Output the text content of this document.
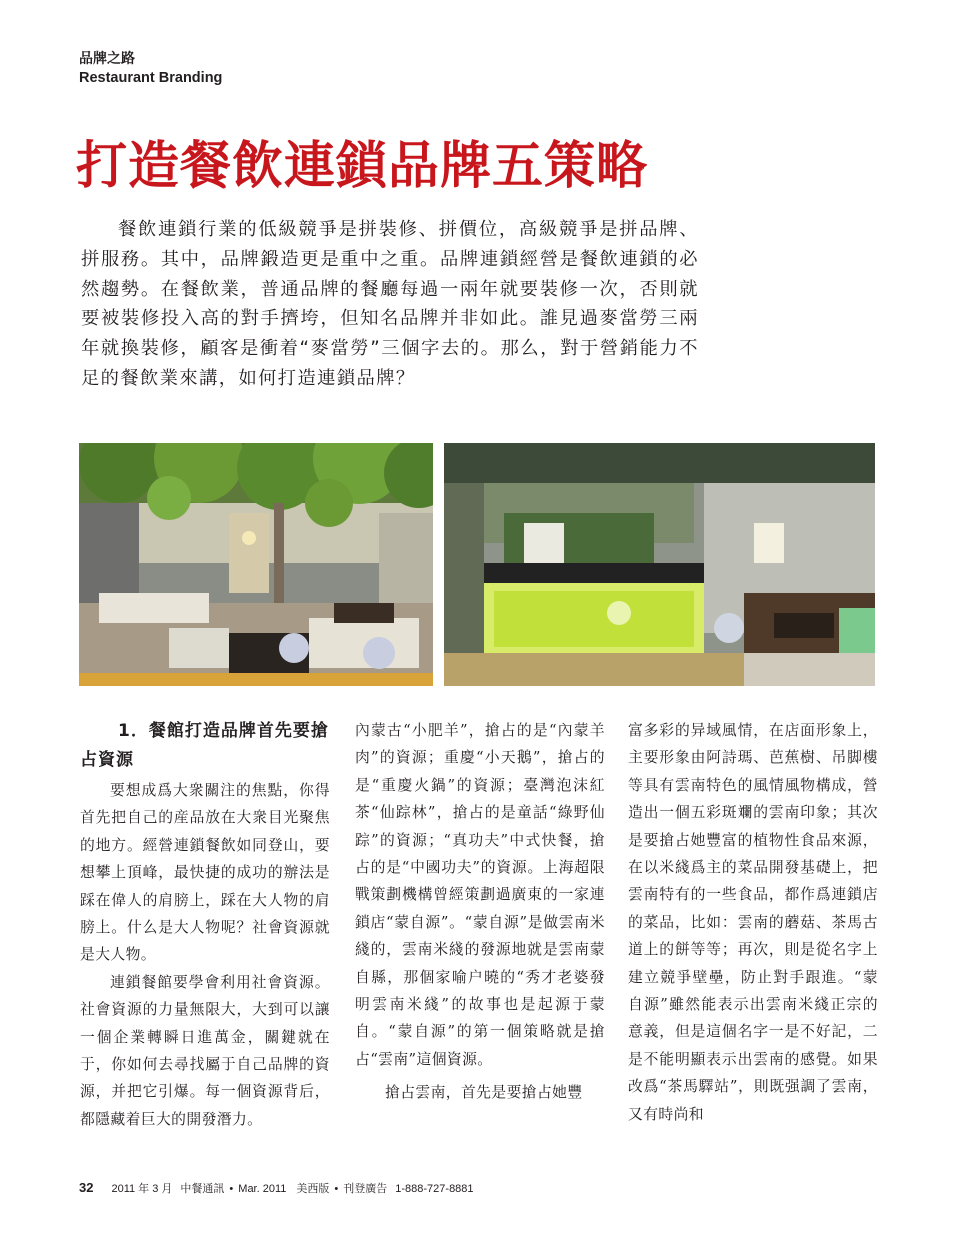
品牌之路
Restaurant Branding
打造餐飲連鎖品牌五策略

餐飲連鎖行業的低級競爭是拼裝修、拼價位，高級競爭是拼品牌、拼服務。其中，品牌鍛造更是重中之重。品牌連鎖經營是餐飲連鎖的必然趨勢。在餐飲業，普通品牌的餐廳每過一兩年就要裝修一次，否則就要被裝修投入高的對手擠垮，但知名品牌并非如此。誰見過麥當勞三兩年就換裝修，顧客是衝着“麥當勞”三個字去的。那么，對于營銷能力不足的餐飲業來講，如何打造連鎖品牌？

1．餐館打造品牌首先要搶占資源

要想成爲大衆關注的焦點，你得首先把自己的産品放在大衆目光聚焦的地方。經營連鎖餐飲如同登山，要想攀上頂峰，最快捷的成功的辦法是踩在偉人的肩膀上，踩在大人物的肩膀上。什么是大人物呢？社會資源就是大人物。

連鎖餐館要學會利用社會資源。社會資源的力量無限大，大到可以讓一個企業轉瞬日進萬金，關鍵就在于，你如何去尋找屬于自己品牌的資源，并把它引爆。每一個資源背后，都隱藏着巨大的開發潛力。

內蒙古“小肥羊”，搶占的是“內蒙羊肉”的資源；重慶“小天鵝”，搶占的是“重慶火鍋”的資源；臺灣泡沫紅茶“仙踪林”，搶占的是童話“綠野仙踪”的資源；“真功夫”中式快餐，搶占的是“中國功夫”的資源。上海超限戰策劃機構曾經策劃過廣東的一家連鎖店“蒙自源”。“蒙自源”是做雲南米綫的，雲南米綫的發源地就是雲南蒙自縣，那個家喻户曉的“秀才老婆發明雲南米綫”的故事也是起源于蒙自。“蒙自源”的第一個策略就是搶占“雲南”這個資源。

搶占雲南，首先是要搶占她豐

富多彩的异域風情，在店面形象上，主要形象由阿詩瑪、芭蕉樹、吊脚樓等具有雲南特色的風情風物構成，營造出一個五彩斑斕的雲南印象；其次是要搶占她豐富的植物性食品來源，在以米綫爲主的菜品開發基礎上，把雲南特有的一些食品，都作爲連鎖店的菜品，比如：雲南的蘑菇、茶馬古道上的餅等等；再次，則是從名字上建立競爭壁壘，防止對手跟進。“蒙自源”雖然能表示出雲南米綫正宗的意義，但是這個名字一是不好記，二是不能明顯表示出雲南的感覺。如果改爲“茶馬驛站”，則既强調了雲南，又有時尚和

32 2011 年 3 月 中餐通訊 • Mar. 2011 美西版 • 刊登廣告 1-888-727-8881
